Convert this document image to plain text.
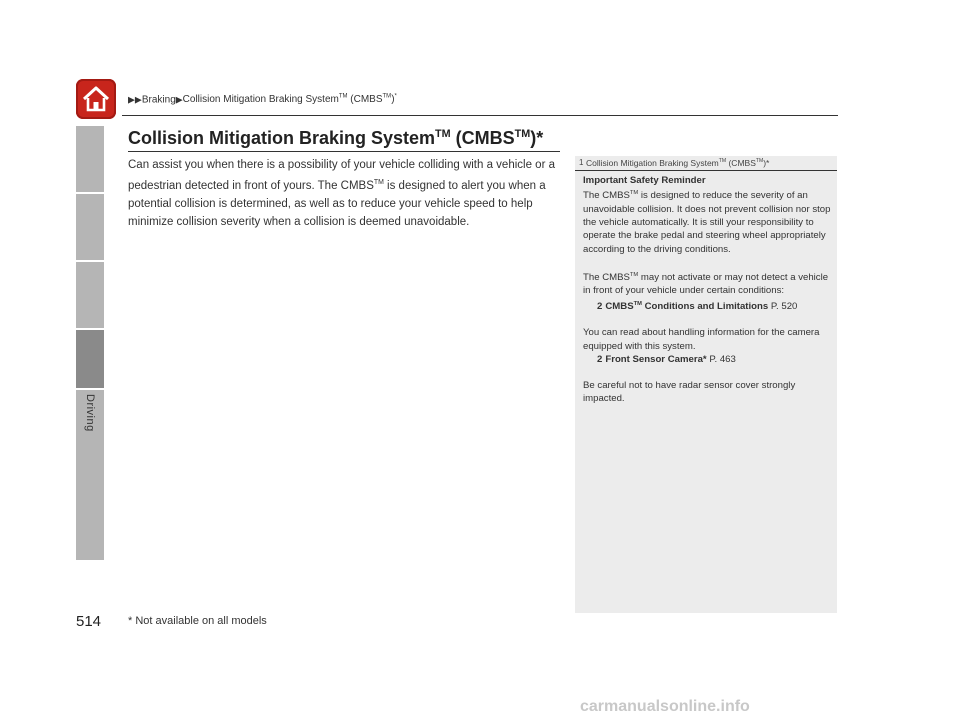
▶▶Braking▶Collision Mitigation Braking System™ (CMBS™)*
Driving
Collision Mitigation Braking System™ (CMBS™)*
Can assist you when there is a possibility of your vehicle colliding with a vehicle or a pedestrian detected in front of yours. The CMBS™ is designed to alert you when a potential collision is determined, as well as to reduce your vehicle speed to help minimize collision severity when a collision is deemed unavoidable.
1 Collision Mitigation Braking System™ (CMBS™)*

Important Safety Reminder

The CMBS™ is designed to reduce the severity of an unavoidable collision. It does not prevent collision nor stop the vehicle automatically. It is still your responsibility to operate the brake pedal and steering wheel appropriately according to the driving conditions.

The CMBS™ may not activate or may not detect a vehicle in front of your vehicle under certain conditions:

2 CMBS™ Conditions and Limitations P. 520

You can read about handling information for the camera equipped with this system.

2 Front Sensor Camera* P. 463

Be careful not to have radar sensor cover strongly impacted.

514 * Not available on all models
carmanualsonline.info
